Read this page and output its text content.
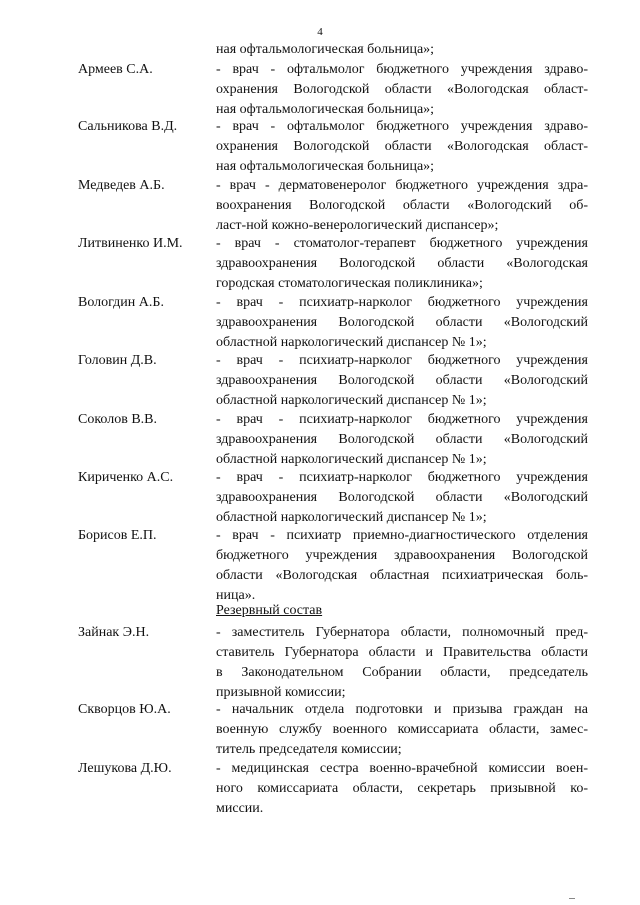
4
ная офтальмологическая больница»;
Армеев С.А.	- врач - офтальмолог бюджетного учреждения здраво-
охранения Вологодской области «Вологодская област-
ная офтальмологическая больница»;
Сальникова В.Д.	- врач - офтальмолог бюджетного учреждения здраво-
охранения Вологодской области «Вологодская област-
ная офтальмологическая больница»;
Медведев А.Б.	- врач - дерматовенеролог бюджетного учреждения здра-
воохранения Вологодской области «Вологодский об-
ласт-ной кожно-венерологический диспансер»;
Литвиненко И.М. - врач - стоматолог-терапевт бюджетного учреждения
здравоохранения Вологодской области «Вологодская
городская стоматологическая поликлиника»;
Вологдин А.Б.	- врач - психиатр-нарколог бюджетного учреждения
здравоохранения Вологодской области «Вологодский
областной наркологический диспансер № 1»;
Головин Д.В.	- врач - психиатр-нарколог бюджетного учреждения
здравоохранения Вологодской области «Вологодский
областной наркологический диспансер № 1»;
Соколов В.В.	- врач - психиатр-нарколог бюджетного учреждения
здравоохранения Вологодской области «Вологодский
областной наркологический диспансер № 1»;
Кириченко А.С.	- врач - психиатр-нарколог бюджетного учреждения
здравоохранения Вологодской области «Вологодский
областной наркологический диспансер № 1»;
Борисов Е.П.	- врач - психиатр приемно-диагностического отделения
бюджетного учреждения здравоохранения Вологодской
области «Вологодская областная психиатрическая боль-
ница».
Резервный состав
Зайнак Э.Н.	- заместитель Губернатора области, полномочный пред-
ставитель Губернатора области и Правительства области
в Законодательном Собрании области, председатель
призывной комиссии;
Скворцов Ю.А.	- начальник отдела подготовки и призыва граждан на
военную службу военного комиссариата области, замес-
титель председателя комиссии;
Лешукова Д.Ю.	- медицинская сестра военно-врачебной комиссии воен-
ного комиссариата области, секретарь призывной ко-
миссии.
